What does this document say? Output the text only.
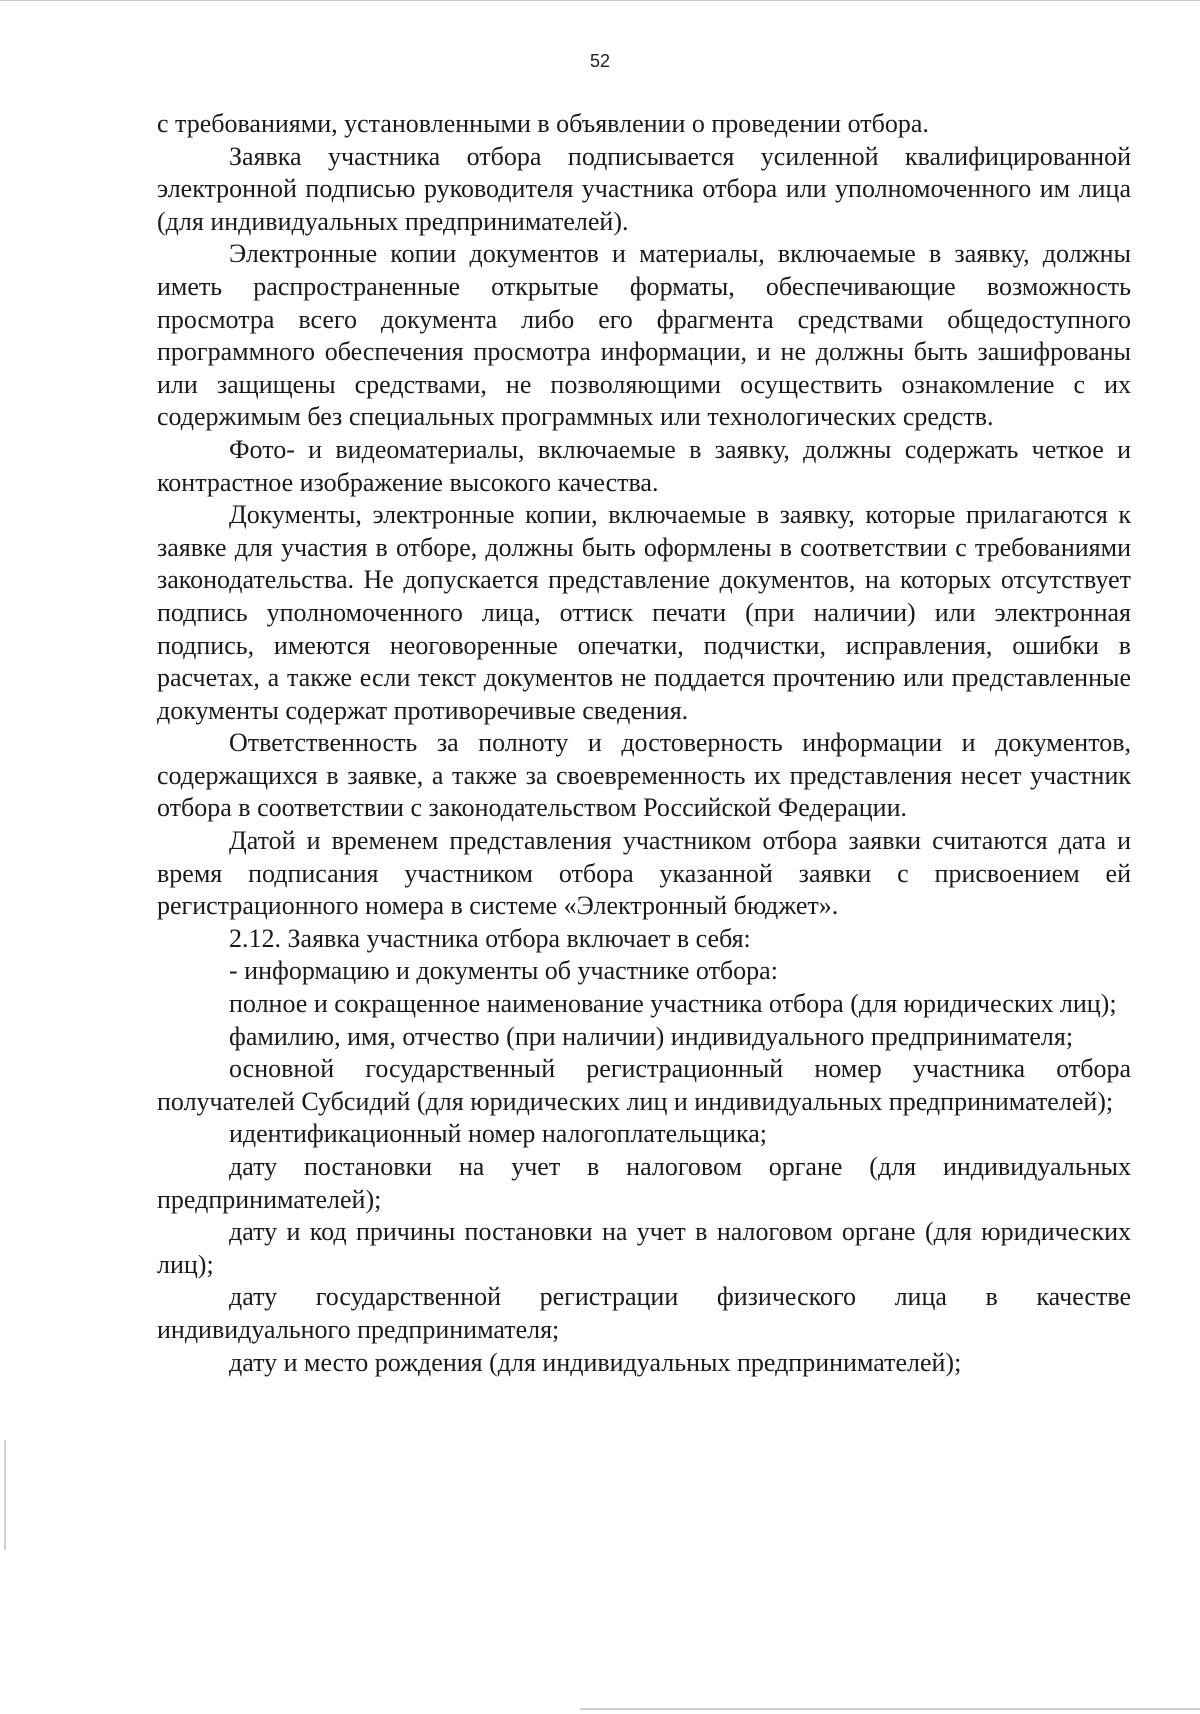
52

с требованиями, установленными в объявлении о проведении отбора.

Заявка участника отбора подписывается усиленной квалифицированной электронной подписью руководителя участника отбора или уполномоченного им лица (для индивидуальных предпринимателей).

Электронные копии документов и материалы, включаемые в заявку, должны иметь распространенные открытые форматы, обеспечивающие возможность просмотра всего документа либо его фрагмента средствами общедоступного программного обеспечения просмотра информации, и не должны быть зашифрованы или защищены средствами, не позволяющими осуществить ознакомление с их содержимым без специальных программных или технологических средств.

Фото- и видеоматериалы, включаемые в заявку, должны содержать четкое и контрастное изображение высокого качества.

Документы, электронные копии, включаемые в заявку, которые прилагаются к заявке для участия в отборе, должны быть оформлены в соответствии с требованиями законодательства. Не допускается представление документов, на которых отсутствует подпись уполномоченного лица, оттиск печати (при наличии) или электронная подпись, имеются неоговоренные опечатки, подчистки, исправления, ошибки в расчетах, а также если текст документов не поддается прочтению или представленные документы содержат противоречивые сведения.

Ответственность за полноту и достоверность информации и документов, содержащихся в заявке, а также за своевременность их представления несет участник отбора в соответствии с законодательством Российской Федерации.

Датой и временем представления участником отбора заявки считаются дата и время подписания участником отбора указанной заявки с присвоением ей регистрационного номера в системе «Электронный бюджет».

2.12. Заявка участника отбора включает в себя:

- информацию и документы об участнике отбора:

полное и сокращенное наименование участника отбора (для юридических лиц);

фамилию, имя, отчество (при наличии) индивидуального предпринимателя;

основной государственный регистрационный номер участника отбора получателей Субсидий (для юридических лиц и индивидуальных предпринимателей);

идентификационный номер налогоплательщика;

дату постановки на учет в налоговом органе (для индивидуальных предпринимателей);

дату и код причины постановки на учет в налоговом органе (для юридических лиц);

дату государственной регистрации физического лица в качестве индивидуального предпринимателя;

дату и место рождения (для индивидуальных предпринимателей);
